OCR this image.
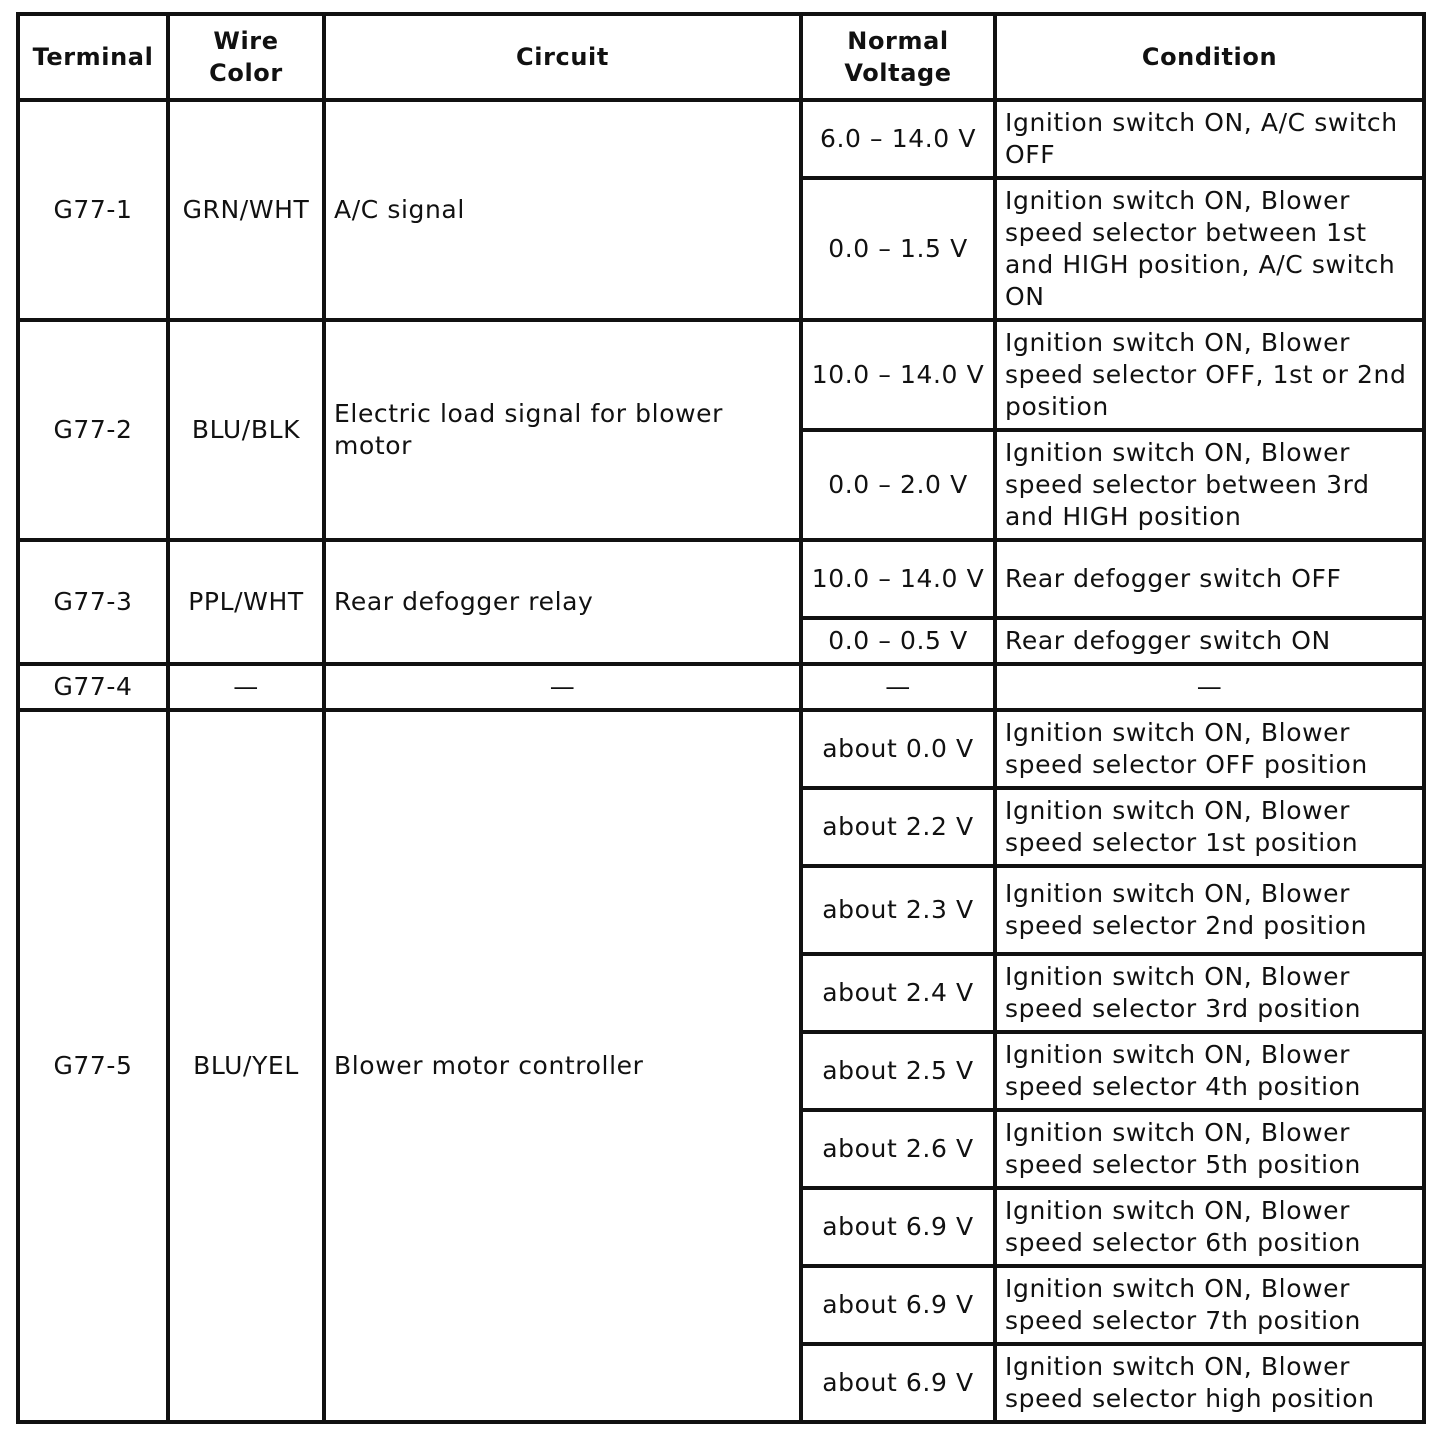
Terminal	Wire Color	Circuit	Normal Voltage	Condition
G77-1	GRN/WHT	A/C signal	6.0 – 14.0 V	Ignition switch ON, A/C switch OFF
			0.0 – 1.5 V	Ignition switch ON, Blower speed selector between 1st and HIGH position, A/C switch ON
G77-2	BLU/BLK	Electric load signal for blower motor	10.0 – 14.0 V	Ignition switch ON, Blower speed selector OFF, 1st or 2nd position
			0.0 – 2.0 V	Ignition switch ON, Blower speed selector between 3rd and HIGH position
G77-3	PPL/WHT	Rear defogger relay	10.0 – 14.0 V	Rear defogger switch OFF
			0.0 – 0.5 V	Rear defogger switch ON
G77-4	—	—	—	—
G77-5	BLU/YEL	Blower motor controller	about 0.0 V	Ignition switch ON, Blower speed selector OFF position
			about 2.2 V	Ignition switch ON, Blower speed selector 1st position
			about 2.3 V	Ignition switch ON, Blower speed selector 2nd position
			about 2.4 V	Ignition switch ON, Blower speed selector 3rd position
			about 2.5 V	Ignition switch ON, Blower speed selector 4th position
			about 2.6 V	Ignition switch ON, Blower speed selector 5th position
			about 6.9 V	Ignition switch ON, Blower speed selector 6th position
			about 6.9 V	Ignition switch ON, Blower speed selector 7th position
			about 6.9 V	Ignition switch ON, Blower speed selector high position
